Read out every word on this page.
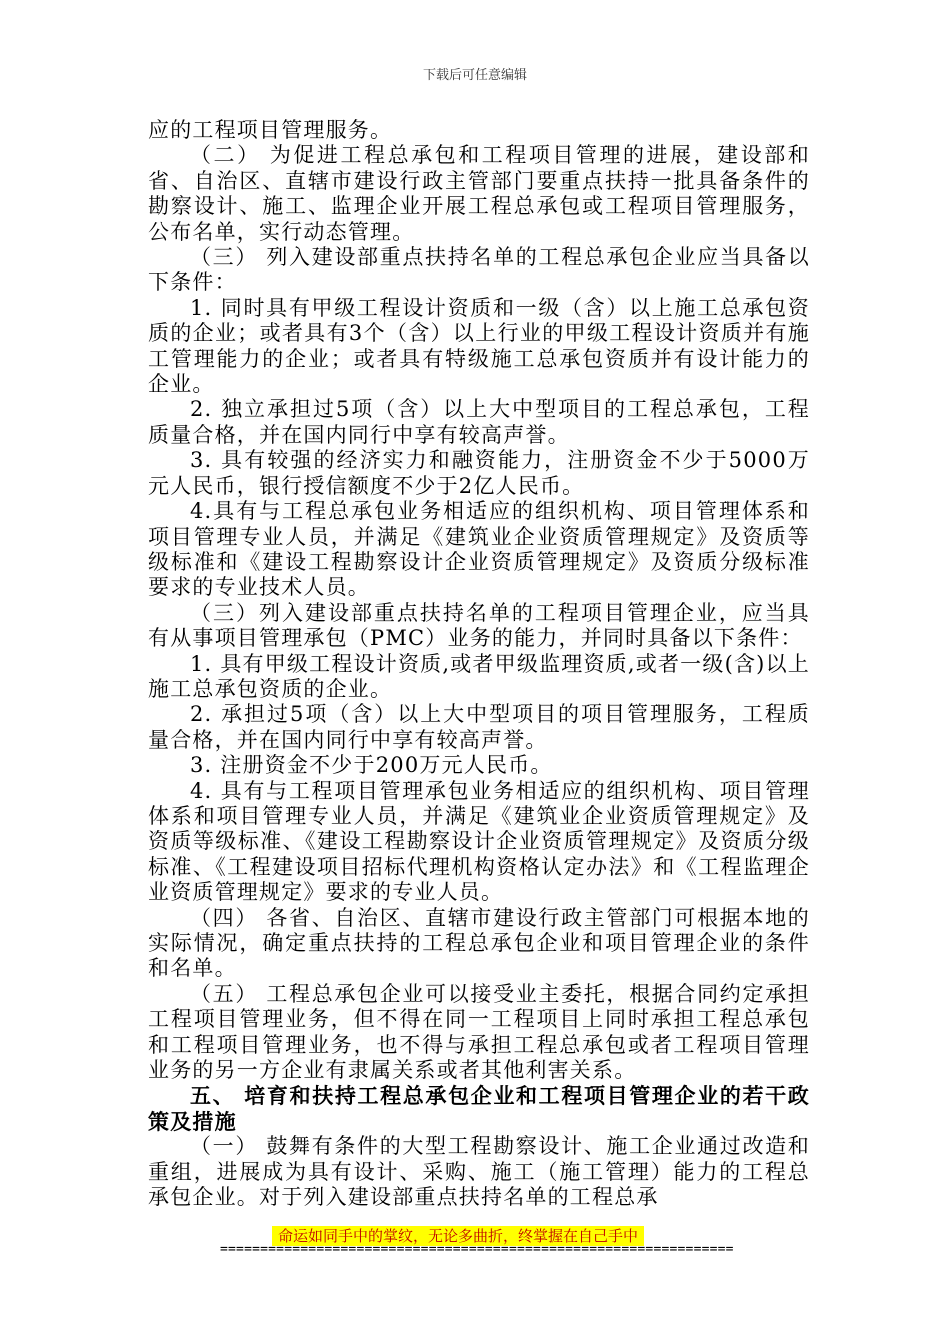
下载后可任意编辑

应的工程项目管理服务。

（二） 为促进工程总承包和工程项目管理的进展，建设部和省、自治区、直辖市建设行政主管部门要重点扶持一批具备条件的勘察设计、施工、监理企业开展工程总承包或工程项目管理服务，公布名单，实行动态管理。

（三） 列入建设部重点扶持名单的工程总承包企业应当具备以下条件：

1. 同时具有甲级工程设计资质和一级（含）以上施工总承包资质的企业；或者具有3个（含）以上行业的甲级工程设计资质并有施工管理能力的企业；或者具有特级施工总承包资质并有设计能力的企业。

2. 独立承担过5项（含）以上大中型项目的工程总承包，工程质量合格，并在国内同行中享有较高声誉。

3. 具有较强的经济实力和融资能力，注册资金不少于5000万元人民币，银行授信额度不少于2亿人民币。

4.具有与工程总承包业务相适应的组织机构、项目管理体系和项目管理专业人员，并满足《建筑业企业资质管理规定》及资质等级标准和《建设工程勘察设计企业资质管理规定》及资质分级标准要求的专业技术人员。

（三）列入建设部重点扶持名单的工程项目管理企业，应当具有从事项目管理承包（PMC）业务的能力，并同时具备以下条件：

1. 具有甲级工程设计资质,或者甲级监理资质,或者一级(含)以上施工总承包资质的企业。

2. 承担过5项（含）以上大中型项目的项目管理服务，工程质量合格，并在国内同行中享有较高声誉。

3. 注册资金不少于200万元人民币。

4. 具有与工程项目管理承包业务相适应的组织机构、项目管理体系和项目管理专业人员，并满足《建筑业企业资质管理规定》及资质等级标准、《建设工程勘察设计企业资质管理规定》及资质分级标准、《工程建设项目招标代理机构资格认定办法》和《工程监理企业资质管理规定》要求的专业人员。

（四） 各省、自治区、直辖市建设行政主管部门可根据本地的实际情况，确定重点扶持的工程总承包企业和项目管理企业的条件和名单。

（五） 工程总承包企业可以接受业主委托，根据合同约定承担工程项目管理业务，但不得在同一工程项目上同时承担工程总承包和工程项目管理业务，也不得与承担工程总承包或者工程项目管理业务的另一方企业有隶属关系或者其他利害关系。

五、 培育和扶持工程总承包企业和工程项目管理企业的若干政策及措施

（一） 鼓舞有条件的大型工程勘察设计、施工企业通过改造和重组，进展成为具有设计、采购、施工（施工管理）能力的工程总承包企业。对于列入建设部重点扶持名单的工程总承

命运如同手中的掌纹，无论多曲折，终掌握在自己手中
================================================================
